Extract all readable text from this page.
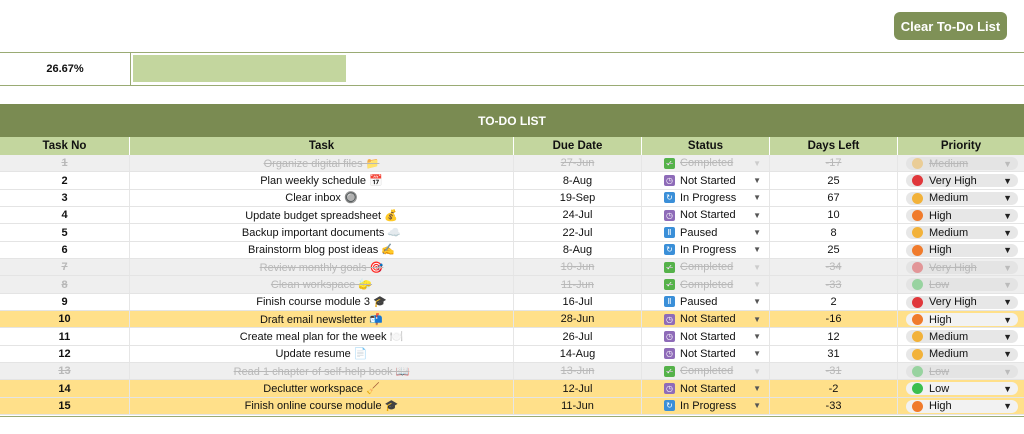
Clear To-Do List
26.67%
TO-DO LIST
Task No	Task	Due Date	Status	Days Left	Priority
1	Organize digital files 📁	27-Jun	✓ Completed ▼	-17	Medium	▼
2	Plan weekly schedule 📅	8-Aug	◷ Not Started ▼	25	Very High	▼
3	Clear inbox 🔘	19-Sep	↻ In Progress ▼	67	Medium	▼
4	Update budget spreadsheet 💰	24-Jul	◷ Not Started ▼	10	High	▼
5	Backup important documents ☁️	22-Jul	Ⅱ Paused	▼	8	Medium	▼
6	Brainstorm blog post ideas ✍️	8-Aug	↻ In Progress ▼	25	High	▼
7	Review monthly goals 🎯	10-Jun	✓ Completed ▼	-34	Very High	▼
8	Clean workspace 🧽	11-Jun	✓ Completed ▼	-33	Low	▼
9	Finish course module 3 🎓	16-Jul	Ⅱ Paused	▼	2	Very High	▼
10	Draft email newsletter 📬	28-Jun	◷ Not Started ▼	-16	High	▼
11	Create meal plan for the week 🍽️	26-Jul	◷ Not Started ▼	12	Medium	▼
12	Update resume 📄	14-Aug	◷ Not Started ▼	31	Medium	▼
13	Read 1 chapter of self-help book 📖	13-Jun	✓ Completed ▼	-31	Low	▼
14	Declutter workspace 🧹	12-Jul	◷ Not Started ▼	-2	Low	▼
15	Finish online course module 🎓	11-Jun	↻ In Progress ▼	-33	High	▼
